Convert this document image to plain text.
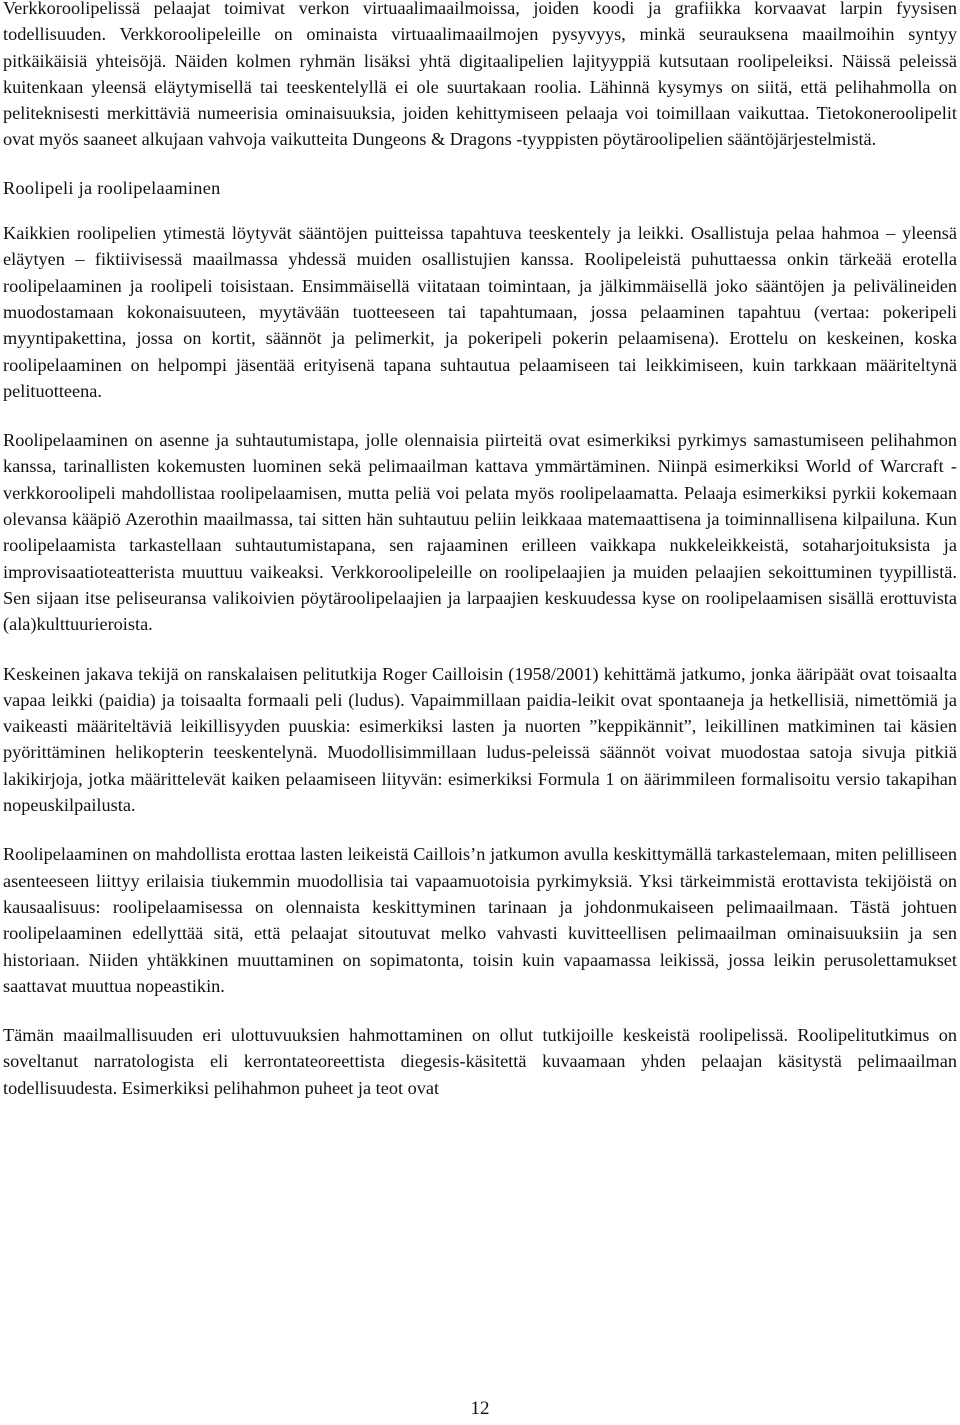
Verkkoroolipelissä pelaajat toimivat verkon virtuaalimaailmoissa, joiden koodi ja grafiikka korvaavat larpin fyysisen todellisuuden. Verkkoroolipeleille on ominaista virtuaalimaailmojen pysyvyys, minkä seurauksena maailmoihin syntyy pitkäikäisiä yhteisöjä. Näiden kolmen ryhmän lisäksi yhtä digitaalipelien lajityyppiä kutsutaan roolipeleiksi. Näissä peleissä kuitenkaan yleensä eläytymisellä tai teeskentelyllä ei ole suurtakaan roolia. Lähinnä kysymys on siitä, että pelihahmolla on peliteknisesti merkittäviä numeerisia ominaisuuksia, joiden kehittymiseen pelaaja voi toimillaan vaikuttaa. Tietokoneroolipelit ovat myös saaneet alkujaan vahvoja vaikutteita Dungeons & Dragons -tyyppisten pöytäroolipelien sääntöjärjestelmistä.

Roolipeli ja roolipelaaminen

Kaikkien roolipelien ytimestä löytyvät sääntöjen puitteissa tapahtuva teeskentely ja leikki. Osallistuja pelaa hahmoa – yleensä eläytyen – fiktiivisessä maailmassa yhdessä muiden osallistujien kanssa. Roolipeleistä puhuttaessa onkin tärkeää erotella roolipelaaminen ja roolipeli toisistaan. Ensimmäisellä viitataan toimintaan, ja jälkimmäisellä joko sääntöjen ja pelivälineiden muodostamaan kokonaisuuteen, myytävään tuotteeseen tai tapahtumaan, jossa pelaaminen tapahtuu (vertaa: pokeripeli myyntipakettina, jossa on kortit, säännöt ja pelimerkit, ja pokeripeli pokerin pelaamisena). Erottelu on keskeinen, koska roolipelaaminen on helpompi jäsentää erityisenä tapana suhtautua pelaamiseen tai leikkimiseen, kuin tarkkaan määriteltynä pelituotteena.

Roolipelaaminen on asenne ja suhtautumistapa, jolle olennaisia piirteitä ovat esimerkiksi pyrkimys samastumiseen pelihahmon kanssa, tarinallisten kokemusten luominen sekä pelimaailman kattava ymmärtäminen. Niinpä esimerkiksi World of Warcraft -verkkoroolipeli mahdollistaa roolipelaamisen, mutta peliä voi pelata myös roolipelaamatta. Pelaaja esimerkiksi pyrkii kokemaan olevansa kääpiö Azerothin maailmassa, tai sitten hän suhtautuu peliin leikkaaa matemaattisena ja toiminnallisena kilpailuna. Kun roolipelaamista tarkastellaan suhtautumistapana, sen rajaaminen erilleen vaikkapa nukkeleikkeistä, sotaharjoituksista ja improvisaatioteatterista muuttuu vaikeaksi. Verkkoroolipeleille on roolipelaajien ja muiden pelaajien sekoittuminen tyypillistä. Sen sijaan itse peliseuransa valikoivien pöytäroolipelaajien ja larpaajien keskuudessa kyse on roolipelaamisen sisällä erottuvista (ala)kulttuurieroista.

Keskeinen jakava tekijä on ranskalaisen pelitutkija Roger Cailloisin (1958/2001) kehittämä jatkumo, jonka ääripäät ovat toisaalta vapaa leikki (paidia) ja toisaalta formaali peli (ludus). Vapaimmillaan paidia-leikit ovat spontaaneja ja hetkellisiä, nimettömiä ja vaikeasti määriteltäviä leikillisyyden puuskia: esimerkiksi lasten ja nuorten ”keppikännit”, leikillinen matkiminen tai käsien pyörittäminen helikopterin teeskentelynä. Muodollisimmillaan ludus-peleissä säännöt voivat muodostaa satoja sivuja pitkiä lakikirjoja, jotka määrittelevät kaiken pelaamiseen liityvän: esimerkiksi Formula 1 on äärimmileen formalisoitu versio takapihan nopeuskilpailusta.

Roolipelaaminen on mahdollista erottaa lasten leikeistä Caillois’n jatkumon avulla keskittymällä tarkastelemaan, miten pelilliseen asenteeseen liittyy erilaisia tiukemmin muodollisia tai vapaamuotoisia pyrkimyksiä. Yksi tärkeimmistä erottavista tekijöistä on kausaalisuus: roolipelaamisessa on olennaista keskittyminen tarinaan ja johdonmukaiseen pelimaailmaan. Tästä johtuen roolipelaaminen edellyttää sitä, että pelaajat sitoutuvat melko vahvasti kuvitteellisen pelimaailman ominaisuuksiin ja sen historiaan. Niiden yhtäkkinen muuttaminen on sopimatonta, toisin kuin vapaamassa leikissä, jossa leikin perusolettamukset saattavat muuttua nopeastikin.

Tämän maailmallisuuden eri ulottuvuuksien hahmottaminen on ollut tutkijoille keskeistä roolipelissä. Roolipelitutkimus on soveltanut narratologista eli kerrontateoreettista diegesis-käsitettä kuvaamaan yhden pelaajan käsitystä pelimaailman todellisuudesta. Esimerkiksi pelihahmon puheet ja teot ovat

12
